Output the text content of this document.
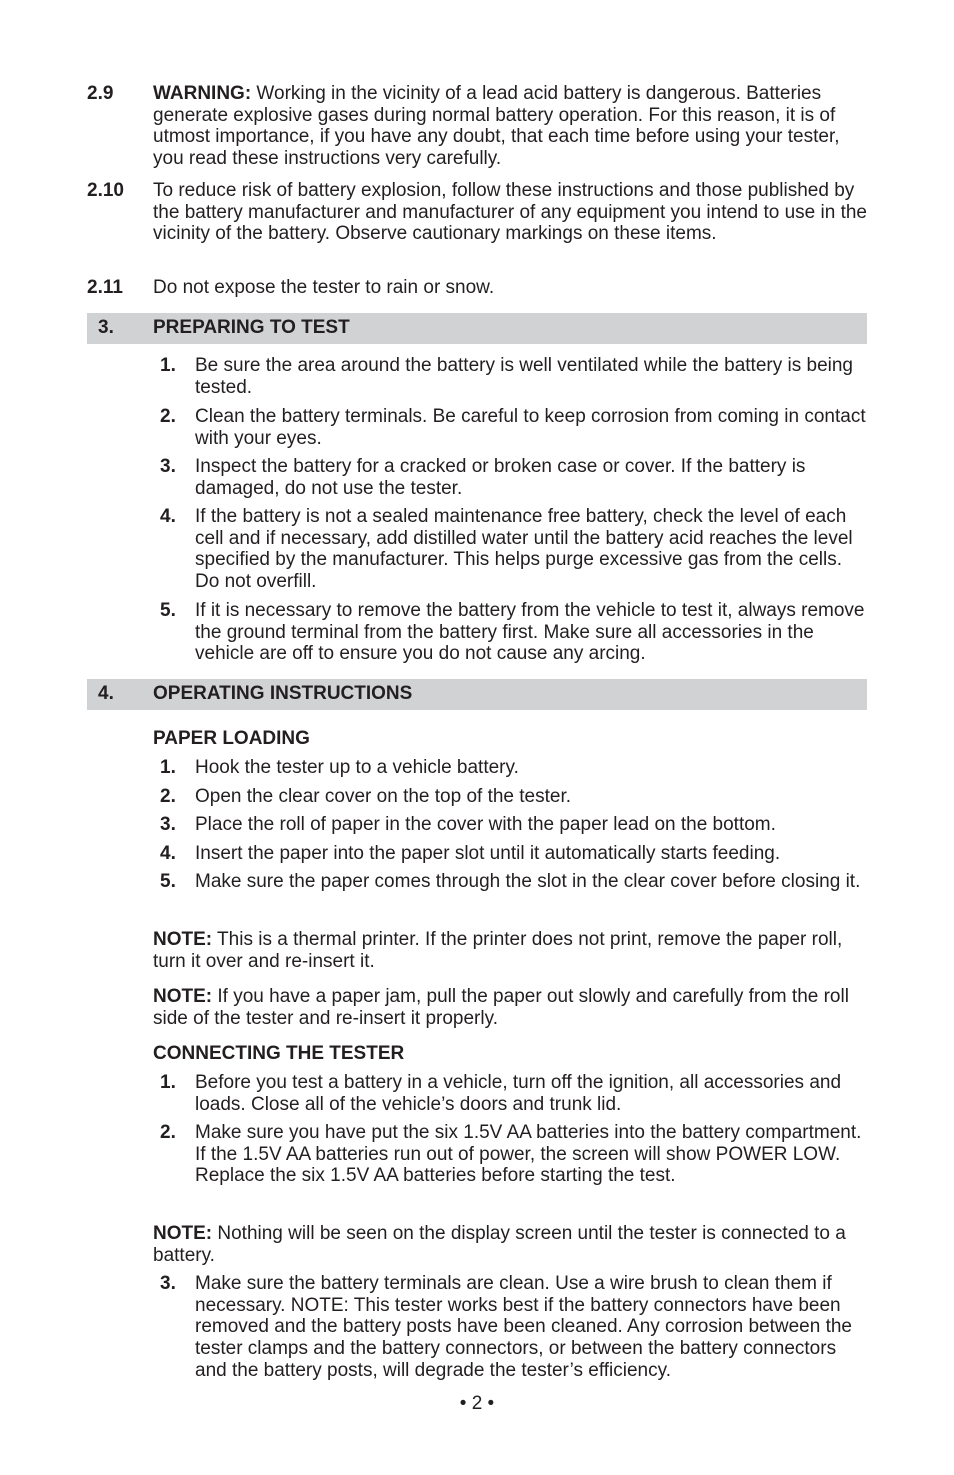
2.9 WARNING: Working in the vicinity of a lead acid battery is dangerous. Batteries generate explosive gases during normal battery operation. For this reason, it is of utmost importance, if you have any doubt, that each time before using your tester, you read these instructions very carefully.
2.10 To reduce risk of battery explosion, follow these instructions and those published by the battery manufacturer and manufacturer of any equipment you intend to use in the vicinity of the battery. Observe cautionary markings on these items.
2.11 Do not expose the tester to rain or snow.
3. PREPARING TO TEST
1. Be sure the area around the battery is well ventilated while the battery is being tested.
2. Clean the battery terminals. Be careful to keep corrosion from coming in contact with your eyes.
3. Inspect the battery for a cracked or broken case or cover. If the battery is damaged, do not use the tester.
4. If the battery is not a sealed maintenance free battery, check the level of each cell and if necessary, add distilled water until the battery acid reaches the level specified by the manufacturer. This helps purge excessive gas from the cells. Do not overfill.
5. If it is necessary to remove the battery from the vehicle to test it, always remove the ground terminal from the battery first. Make sure all accessories in the vehicle are off to ensure you do not cause any arcing.
4. OPERATING INSTRUCTIONS
PAPER LOADING
1. Hook the tester up to a vehicle battery.
2. Open the clear cover on the top of the tester.
3. Place the roll of paper in the cover with the paper lead on the bottom.
4. Insert the paper into the paper slot until it automatically starts feeding.
5. Make sure the paper comes through the slot in the clear cover before closing it.
NOTE: This is a thermal printer. If the printer does not print, remove the paper roll, turn it over and re-insert it.
NOTE: If you have a paper jam, pull the paper out slowly and carefully from the roll side of the tester and re-insert it properly.
CONNECTING THE TESTER
1. Before you test a battery in a vehicle, turn off the ignition, all accessories and loads. Close all of the vehicle’s doors and trunk lid.
2. Make sure you have put the six 1.5V AA batteries into the battery compartment. If the 1.5V AA batteries run out of power, the screen will show POWER LOW. Replace the six 1.5V AA batteries before starting the test.
NOTE: Nothing will be seen on the display screen until the tester is connected to a battery.
3. Make sure the battery terminals are clean. Use a wire brush to clean them if necessary. NOTE: This tester works best if the battery connectors have been removed and the battery posts have been cleaned. Any corrosion between the tester clamps and the battery connectors, or between the battery connectors and the battery posts, will degrade the tester’s efficiency.
• 2 •
